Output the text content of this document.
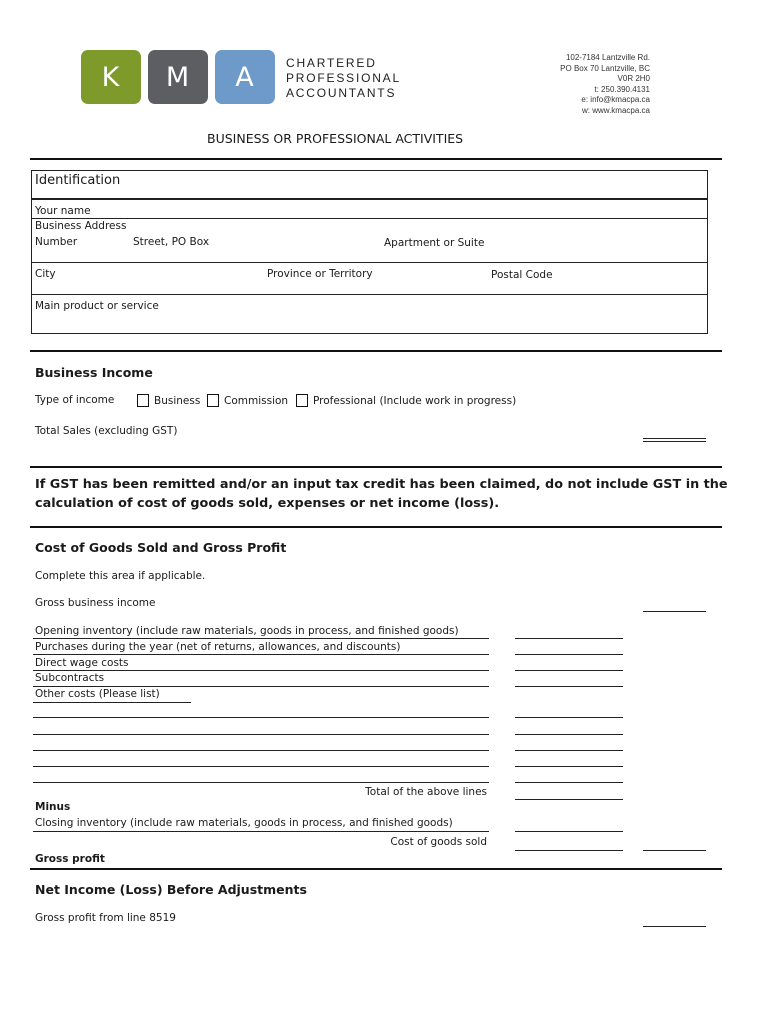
K	M	A	CHARTERED
PROFESSIONAL
ACCOUNTANTS
102-7184 Lantzville Rd.
PO Box 70 Lantzville, BC
V0R 2H0
t: 250.390.4131
e: info@kmacpa.ca
w: www.kmacpa.ca
BUSINESS OR PROFESSIONAL ACTIVITIES
Identification
Your name
Business Address
Number	Street, PO Box	Apartment or Suite
City	Province or Territory	Postal Code
Main product or service
Business Income
Type of income	Business Commission Professional (Include work in progress)
Total Sales (excluding GST)
If GST has been remitted and/or an input tax credit has been claimed, do not include GST in the
calculation of cost of goods sold, expenses or net income (loss).
Cost of Goods Sold and Gross Profit
Complete this area if applicable.
Gross business income
Opening inventory (include raw materials, goods in process, and finished goods)
Purchases during the year (net of returns, allowances, and discounts)
Direct wage costs
Subcontracts
Other costs (Please list)
Total of the above lines
Minus
Closing inventory (include raw materials, goods in process, and finished goods)
Cost of goods sold
Gross profit
Net Income (Loss) Before Adjustments
Gross profit from line 8519
